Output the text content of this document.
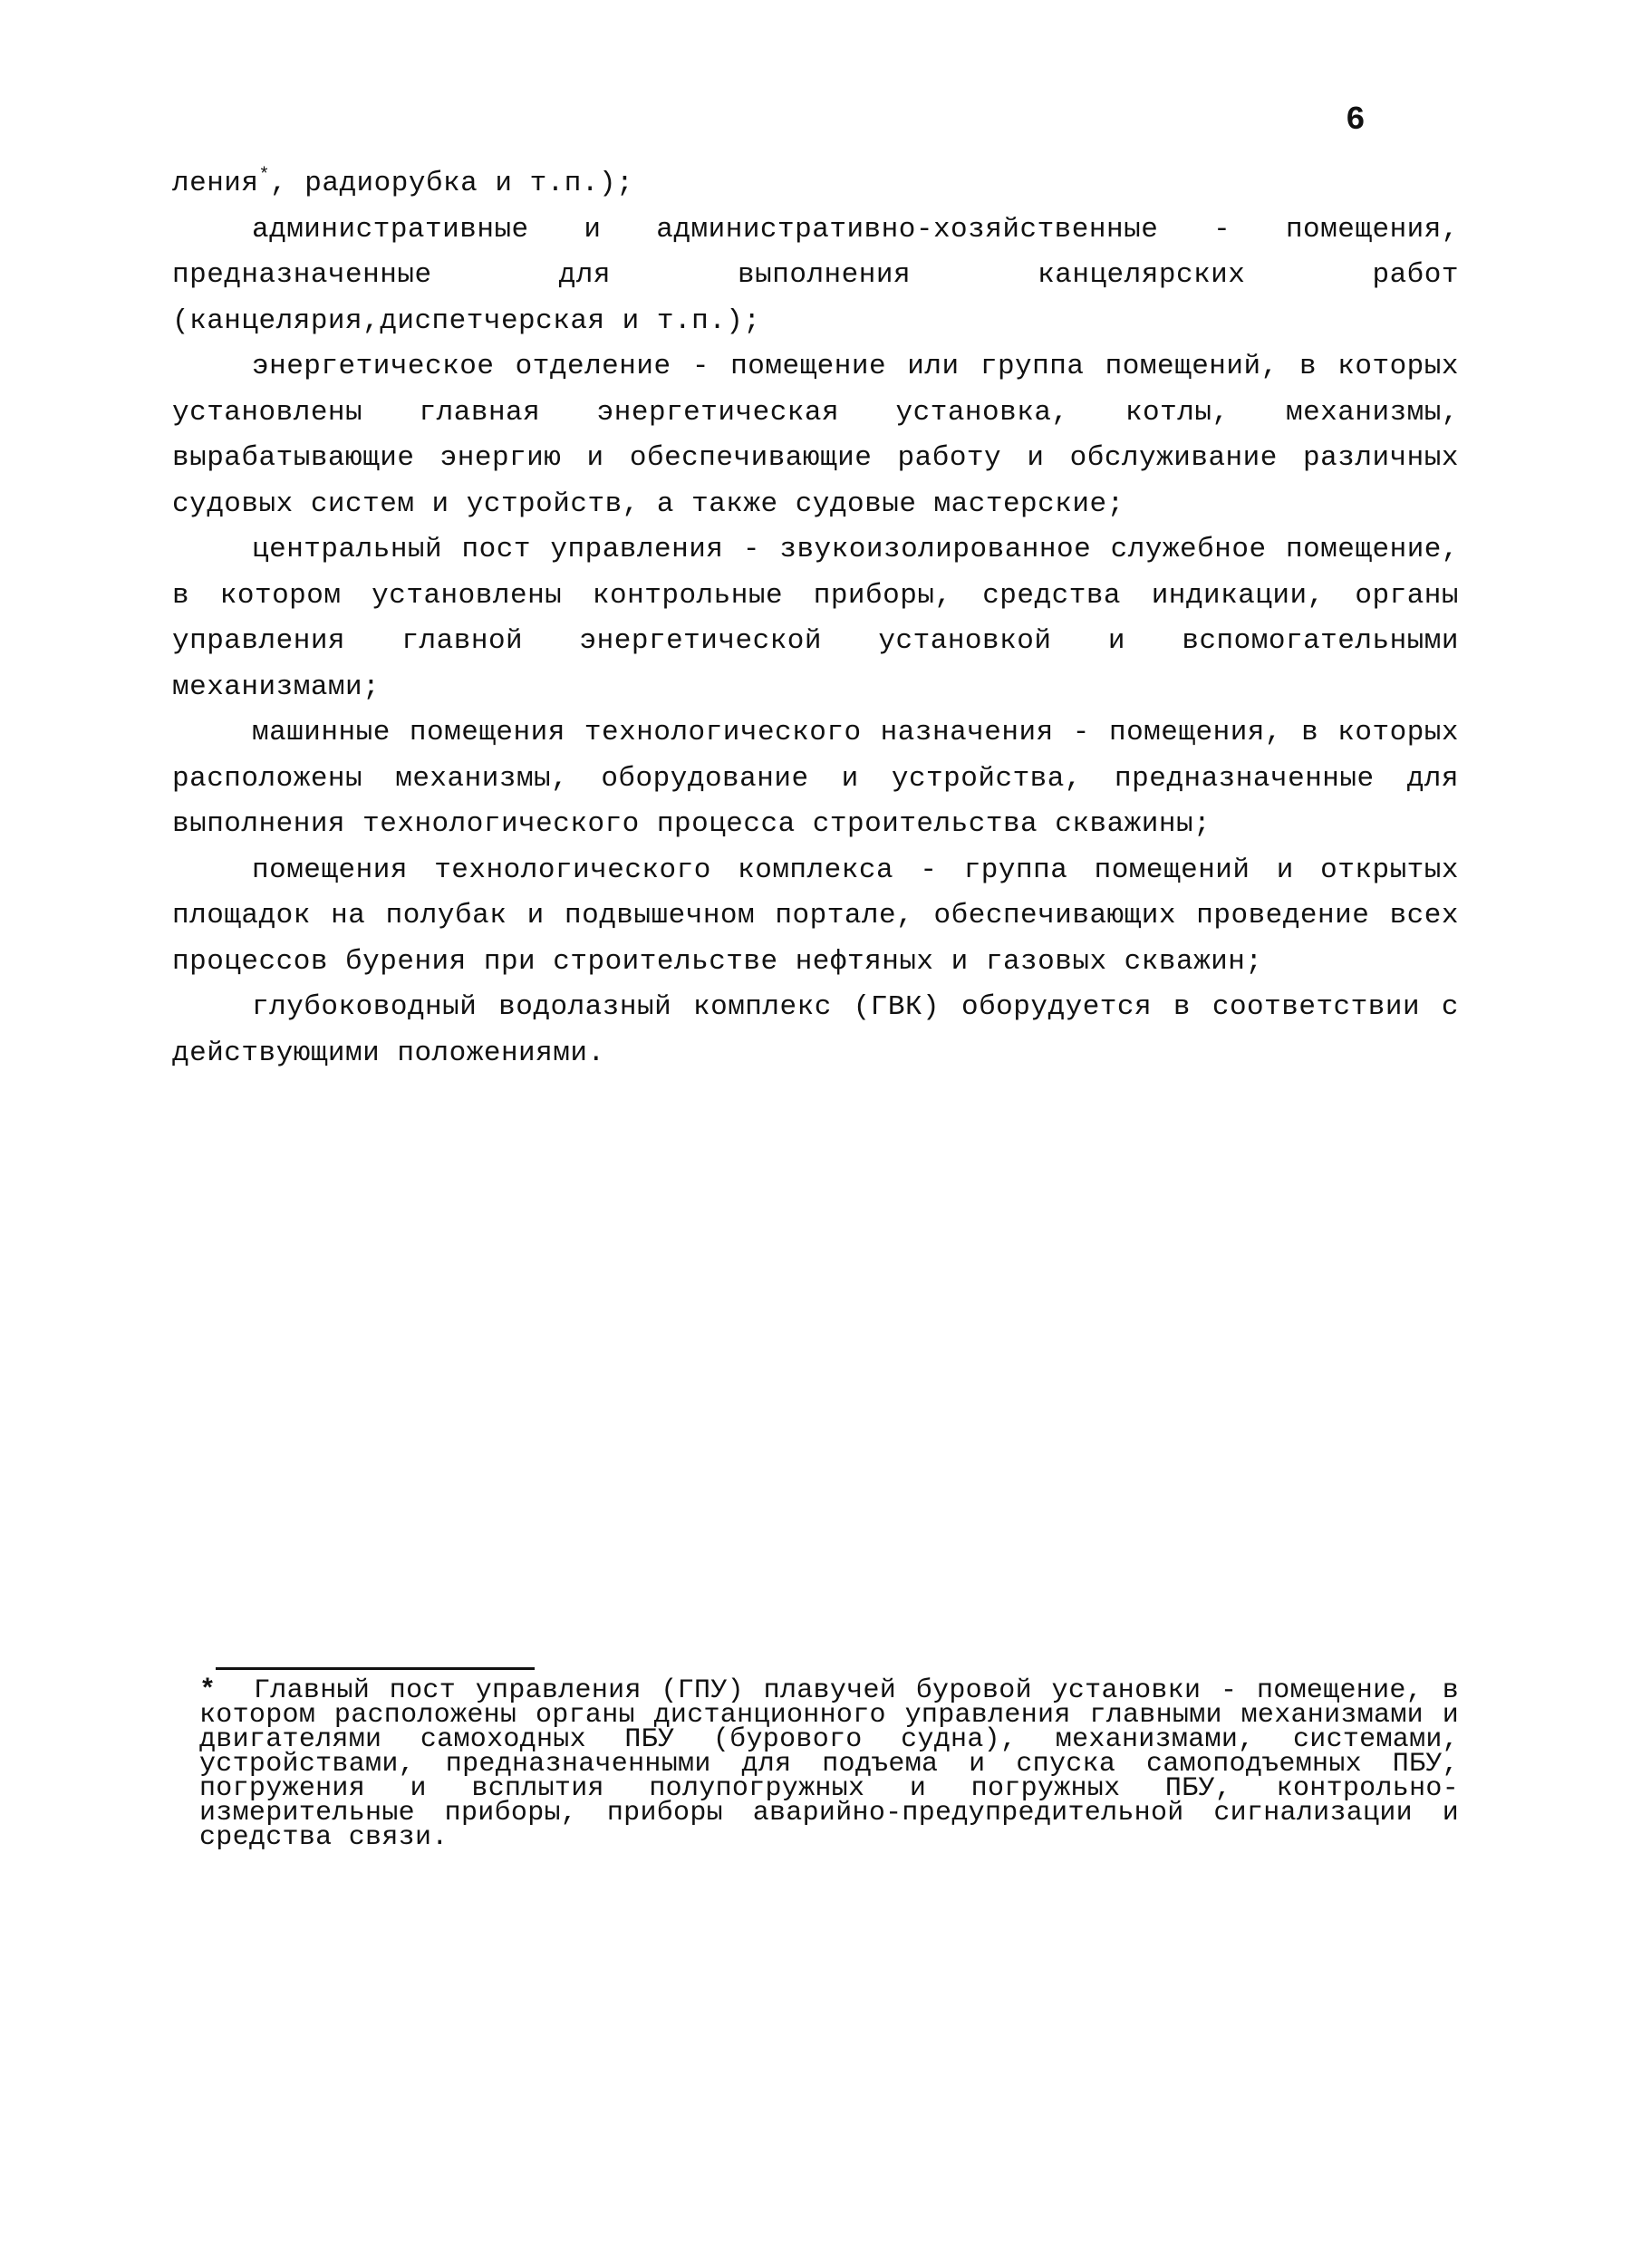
6

ления*, радиорубка и т.п.);

административные и административно-хозяйственные - помещения, предназначенные для выполнения канцелярских работ (канцелярия,диспетчерская и т.п.);

энергетическое отделение - помещение или группа помещений, в которых установлены главная энергетическая установка, котлы, механизмы, вырабатывающие энергию и обеспечивающие работу и обслуживание различных судовых систем и устройств, а также судовые мастерские;

центральный пост управления - звукоизолированное служебное помещение, в котором установлены контрольные приборы, средства индикации, органы управления главной энергетической установкой и вспомогательными механизмами;

машинные помещения технологического назначения - помещения, в которых расположены механизмы, оборудование и устройства, предназначенные для выполнения технологического процесса строительства скважины;

помещения технологического комплекса - группа помещений и открытых площадок на полубак и подвышечном портале, обеспечивающих проведение всех процессов бурения при строительстве нефтяных и газовых скважин;

глубоководный водолазный комплекс (ГВК) оборудуется в соответствии с действующими положениями.

* Главный пост управления (ГПУ) плавучей буровой установки - помещение, в котором расположены органы дистанционного управления главными механизмами и двигателями самоходных ПБУ (бурового судна), механизмами, системами, устройствами, предназначенными для подъема и спуска самоподъемных ПБУ, погружения и всплытия полупогружных и погружных ПБУ, контрольно-измерительные приборы, приборы аварийно-предупредительной сигнализации и средства связи.
